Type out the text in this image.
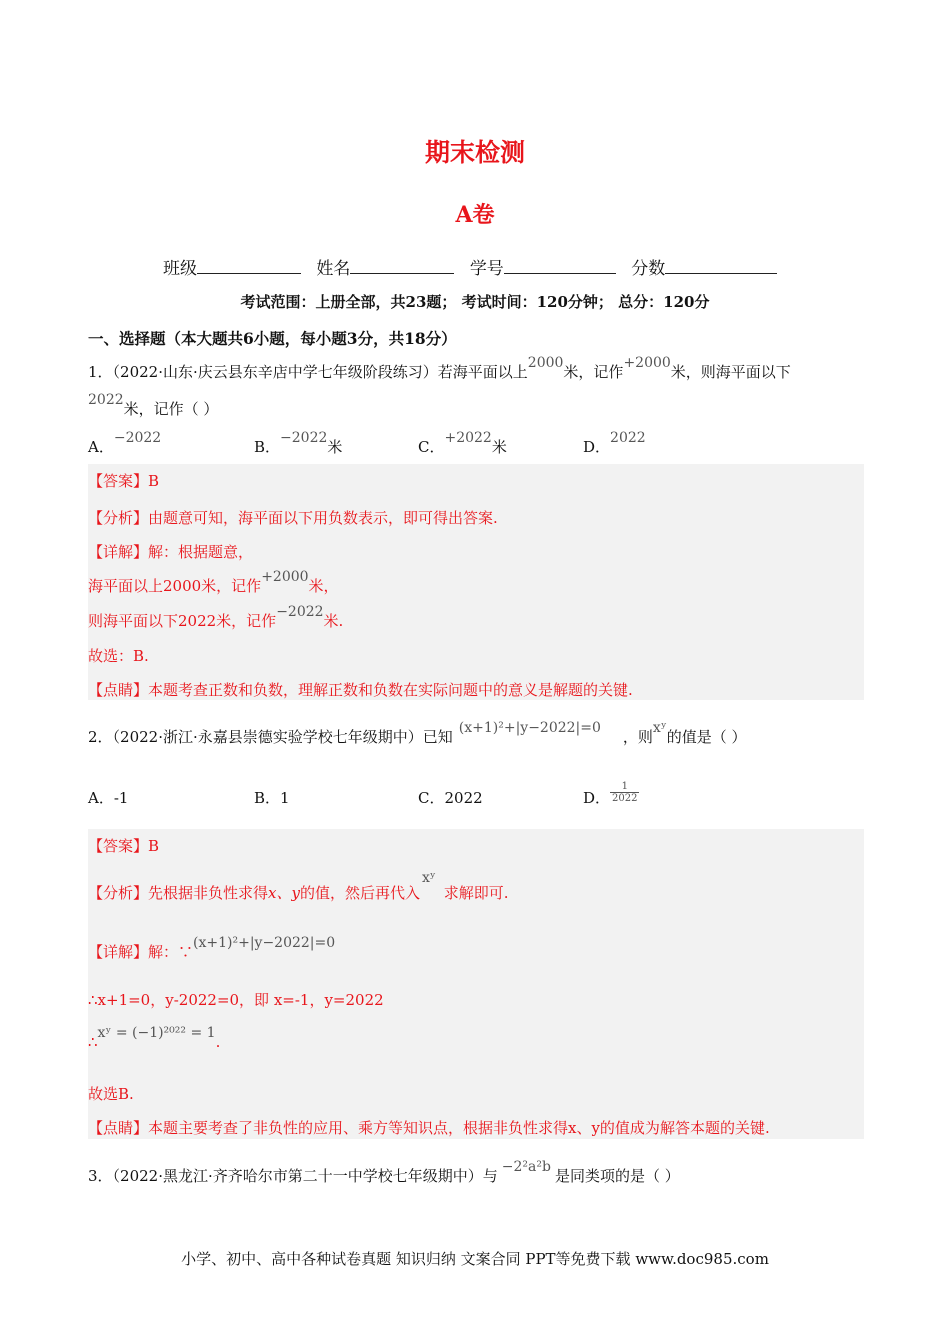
期末检测
A卷
班级	姓名	学号	分数
考试范围：上册全部，共23题； 考试时间：120分钟； 总分：120分
一、选择题（本大题共6小题，每小题3分，共18分）
1．（2022·山东·庆云县东辛店中学七年级阶段练习）若海平面以上2000米，记作+2000米，则海平面以下
2022米，记作（ ）
A．−2022	B．−2022米	C．+2022米	D．2022
【答案】B
【分析】由题意可知，海平面以下用负数表示，即可得出答案.
【详解】解：根据题意，
海平面以上2000米，记作+2000米，
则海平面以下2022米，记作−2022米.
故选：B.
【点睛】本题考查正数和负数，理解正数和负数在实际问题中的意义是解题的关键.
2．（2022·浙江·永嘉县崇德实验学校七年级期中）已知 (x+1)²+|y−2022|=0 ，则xʸ的值是（ ）
A．-1	B．1	C．2022	D． $\frac{1}{2022}$
【答案】B
【分析】先根据非负性求得x、y的值，然后再代入xʸ求解即可.
【详解】解：∵(x+1)²+|y−2022|=0
∴x+1=0，y-2022=0，即 x=-1，y=2022
∴xʸ = (−1)²⁰²² = 1.
故选B.
【点睛】本题主要考查了非负性的应用、乘方等知识点，根据非负性求得x、y的值成为解答本题的关键.
3．（2022·黑龙江·齐齐哈尔市第二十一中学校七年级期中）与 −2²a²b 是同类项的是（ ）
小学、初中、高中各种试卷真题 知识归纳 文案合同 PPT等免费下载 www.doc985.com
